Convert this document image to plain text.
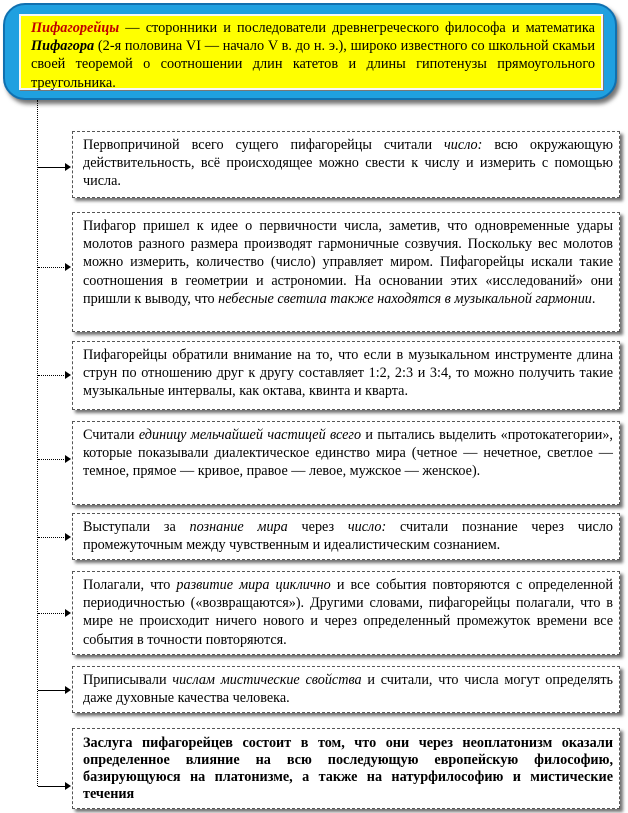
Пифагорейцы — сторонники и последователи древнегреческого философа и математика Пифагора (2-я половина VI — начало V в. до н. э.), широко известного со школьной скамьи своей теоремой о соотношении длин катетов и длины гипотенузы прямоугольного треугольника.
Первопричиной всего сущего пифагорейцы считали число: всю окружающую действительность, всё происходящее можно свести к числу и измерить с помощью числа.
Пифагор пришел к идее о первичности числа, заметив, что одновременные удары молотов разного размера производят гармоничные созвучия. Поскольку вес молотов можно измерить, количество (число) управляет миром. Пифагорейцы искали такие соотношения в геометрии и астрономии. На основании этих «исследований» они пришли к выводу, что небесные светила также находятся в музыкальной гармонии.
Пифагорейцы обратили внимание на то, что если в музыкальном инструменте длина струн по отношению друг к другу составляет 1:2, 2:3 и 3:4, то можно получить такие музыкальные интервалы, как октава, квинта и кварта.
Считали единицу мельчайшей частицей всего и пытались выделить «протокатегории», которые показывали диалектическое единство мира (четное — нечетное, светлое — темное, прямое — кривое, правое — левое, мужское — женское).
Выступали за познание мира через число: считали познание через число промежуточным между чувственным и идеалистическим сознанием.
Полагали, что развитие мира циклично и все события повторяются с определенной периодичностью («возвращаются»). Другими словами, пифагорейцы полагали, что в мире не происходит ничего нового и через определенный промежуток времени все события в точности повторяются.
Приписывали числам мистические свойства и считали, что числа могут определять даже духовные качества человека.
Заслуга пифагорейцев состоит в том, что они через неоплатонизм оказали определенное влияние на всю последующую европейскую философию, базирующуюся на платонизме, а также на натурфилософию и мистические течения
